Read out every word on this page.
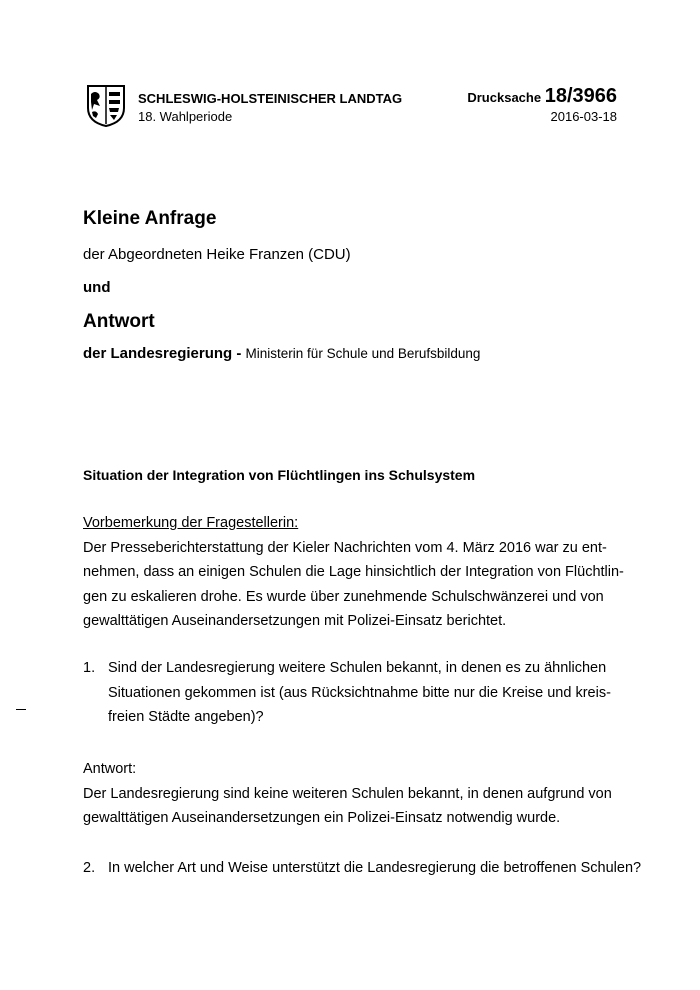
SCHLESWIG-HOLSTEINISCHER LANDTAG
18. Wahlperiode
Drucksache 18/3966
2016-03-18
Kleine Anfrage
der Abgeordneten Heike Franzen (CDU)
und
Antwort
der Landesregierung - Ministerin für Schule und Berufsbildung
Situation der Integration von Flüchtlingen ins Schulsystem
Vorbemerkung der Fragestellerin:
Der Presseberichterstattung der Kieler Nachrichten vom 4. März 2016 war zu ent-
nehmen, dass an einigen Schulen die Lage hinsichtlich der Integration von Flüchtlin-
gen zu eskalieren drohe. Es wurde über zunehmende Schulschwänzerei und von
gewalttätigen Auseinandersetzungen mit Polizei-Einsatz berichtet.
1. Sind der Landesregierung weitere Schulen bekannt, in denen es zu ähnlichen
Situationen gekommen ist (aus Rücksichtnahme bitte nur die Kreise und kreis-
freien Städte angeben)?
Antwort:
Der Landesregierung sind keine weiteren Schulen bekannt, in denen aufgrund von
gewalttätigen Auseinandersetzungen ein Polizei-Einsatz notwendig wurde.
2. In welcher Art und Weise unterstützt die Landesregierung die betroffenen Schulen?
